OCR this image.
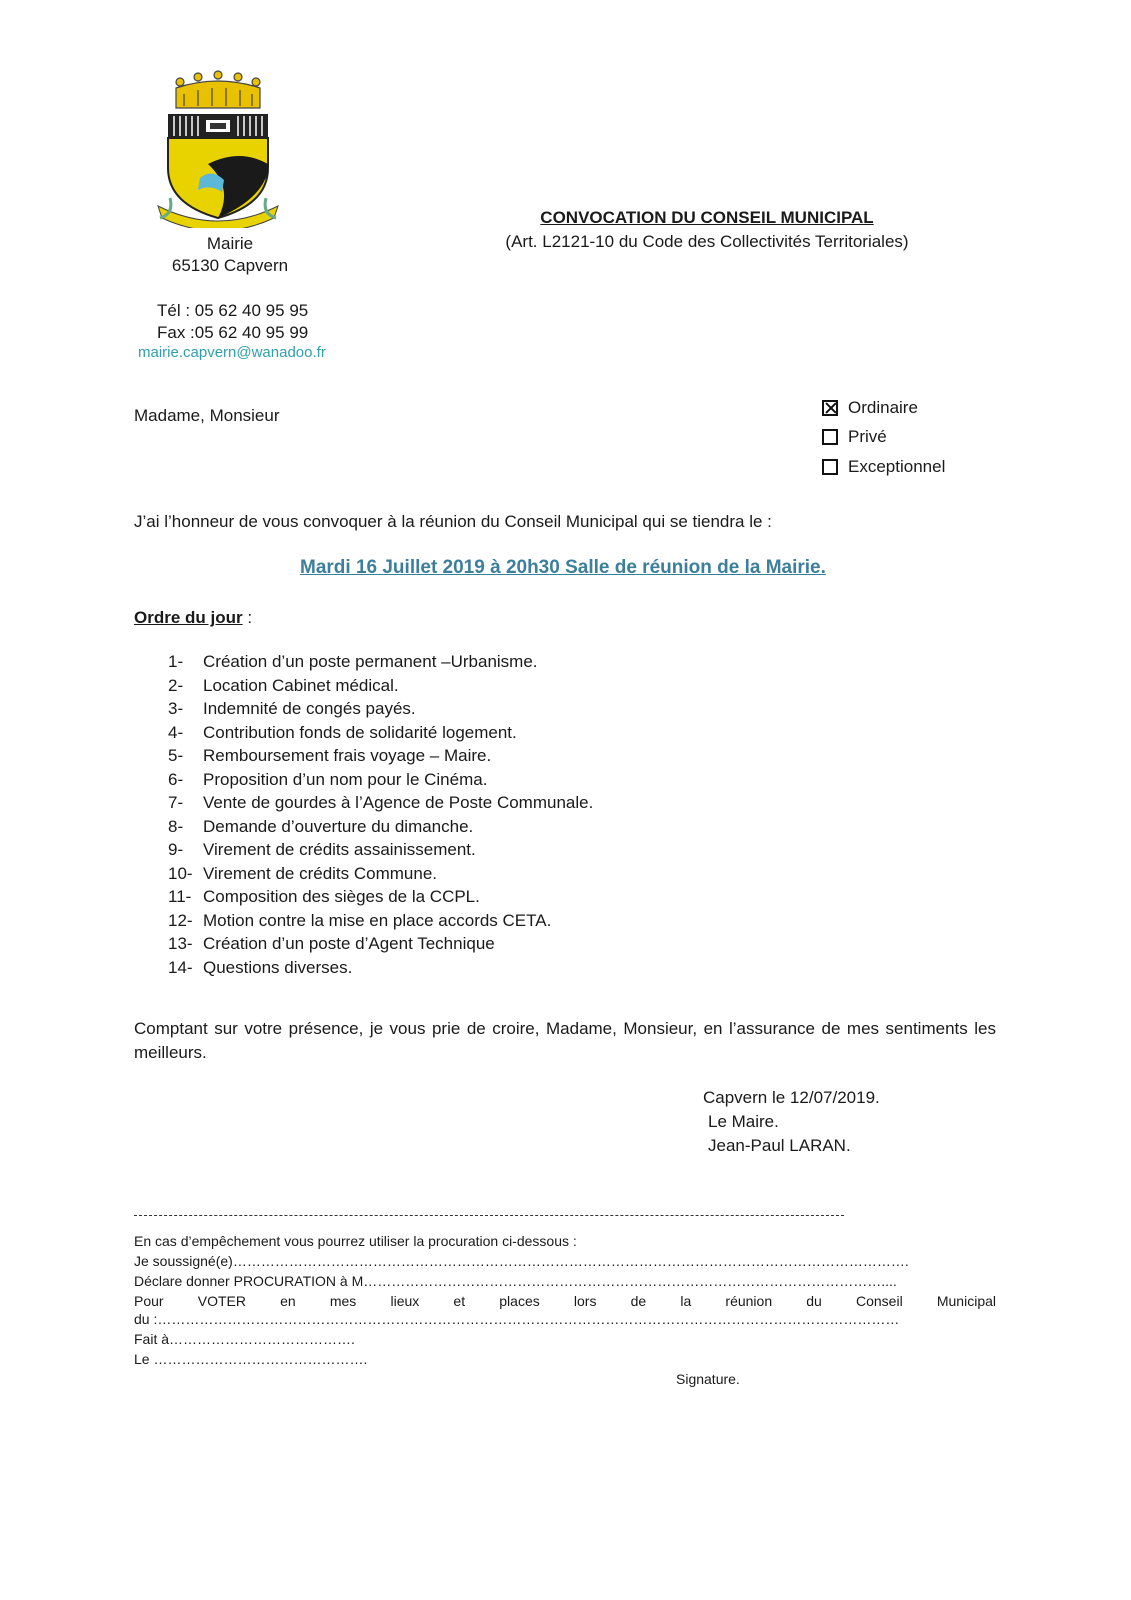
Mairie
65130 Capvern
Tél : 05 62 40 95 95
Fax :05 62 40 95 99
mairie.capvern@wanadoo.fr
CONVOCATION DU CONSEIL MUNICIPAL
(Art. L2121-10 du Code des Collectivités Territoriales)
Madame, Monsieur	Ordinaire
Privé
Exceptionnel
J’ai l’honneur de vous convoquer à la réunion du Conseil Municipal qui se tiendra le :
Mardi 16 Juillet 2019 à 20h30 Salle de réunion de la Mairie.
Ordre du jour :
1-	Création d’un poste permanent –Urbanisme.
2-	Location Cabinet médical.
3-	Indemnité de congés payés.
4-	Contribution fonds de solidarité logement.
5-	Remboursement frais voyage – Maire.
6-	Proposition d’un nom pour le Cinéma.
7-	Vente de gourdes à l’Agence de Poste Communale.
8-	Demande d’ouverture du dimanche.
9-	Virement de crédits assainissement.
10- Virement de crédits Commune.
11- Composition des sièges de la CCPL.
12- Motion contre la mise en place accords CETA.
13- Création d’un poste d’Agent Technique
14- Questions diverses.
Comptant sur votre présence, je vous prie de croire, Madame, Monsieur, en l’assurance de mes sentiments les meilleurs.
Capvern le 12/07/2019.
Le Maire.
Jean-Paul LARAN.
En cas d’empêchement vous pourrez utiliser la procuration ci-dessous :
Je soussigné(e)……………………………………………………………………………………………………………………………….
Déclare donner PROCURATION à M…………………………………………………………………………………………………....
Pour VOTER en mes lieux et places lors de la réunion du Conseil Municipal
du :……………………………………………………………………………………………………………………………………………
Fait à………………………………….
Le ……………………………………….
Signature.
